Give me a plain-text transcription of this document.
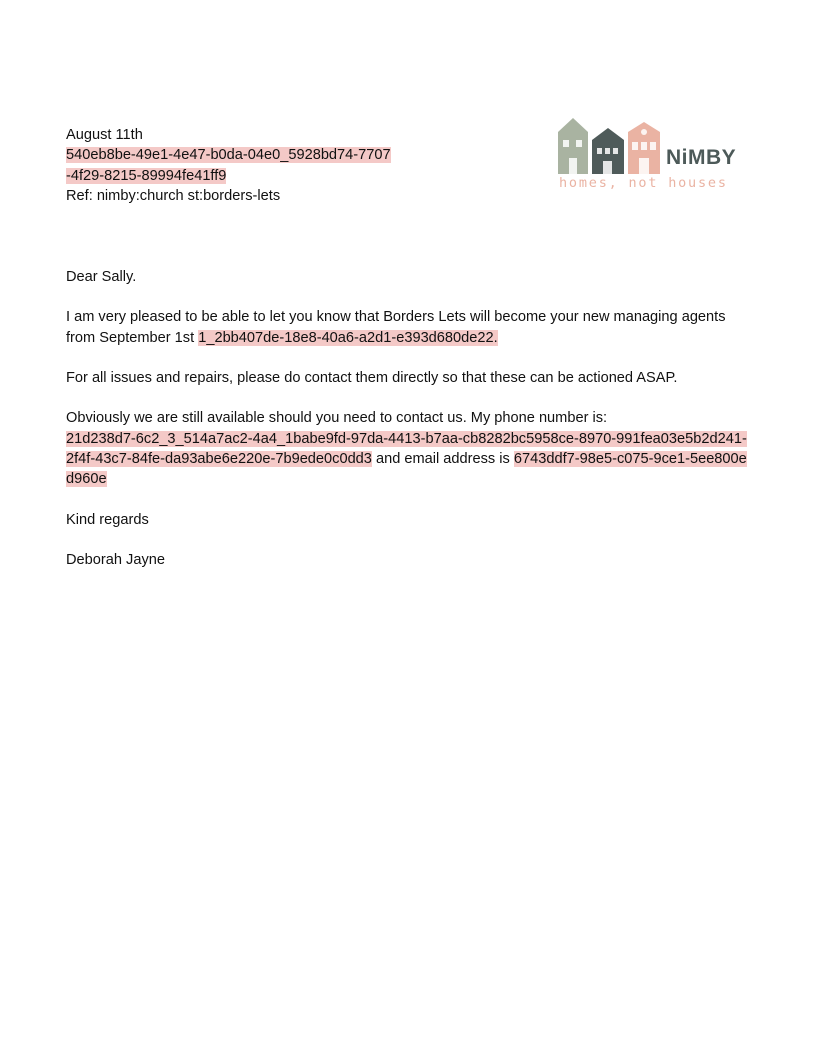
August 11th
540eb8be-49e1-4e47-b0da-04e0_5928bd74-7707
-4f29-8215-89994fe41ff9
Ref: nimby:church st:borders-lets

Dear Sally.

I am very pleased to be able to let you know that Borders Lets will become your new managing agents from September 1st 1_2bb407de-18e8-40a6-a2d1-e393d680de22.

For all issues and repairs, please do contact them directly so that these can be actioned ASAP.

Obviously we are still available should you need to contact us. My phone number is:
21d238d7-6c2_3_514a7ac2-4a4_1babe9fd-97da-4413-b7aa-cb8282bc5958ce-8970-991fea03e5b2d241-2f4f-43c7-84fe-da93abe6e220e-7b9ede0c0dd3 and email address is 6743ddf7-98e5-c075-9ce1-5ee800ed960e

Kind regards

Deborah Jayne

NiMBY
homes, not houses
